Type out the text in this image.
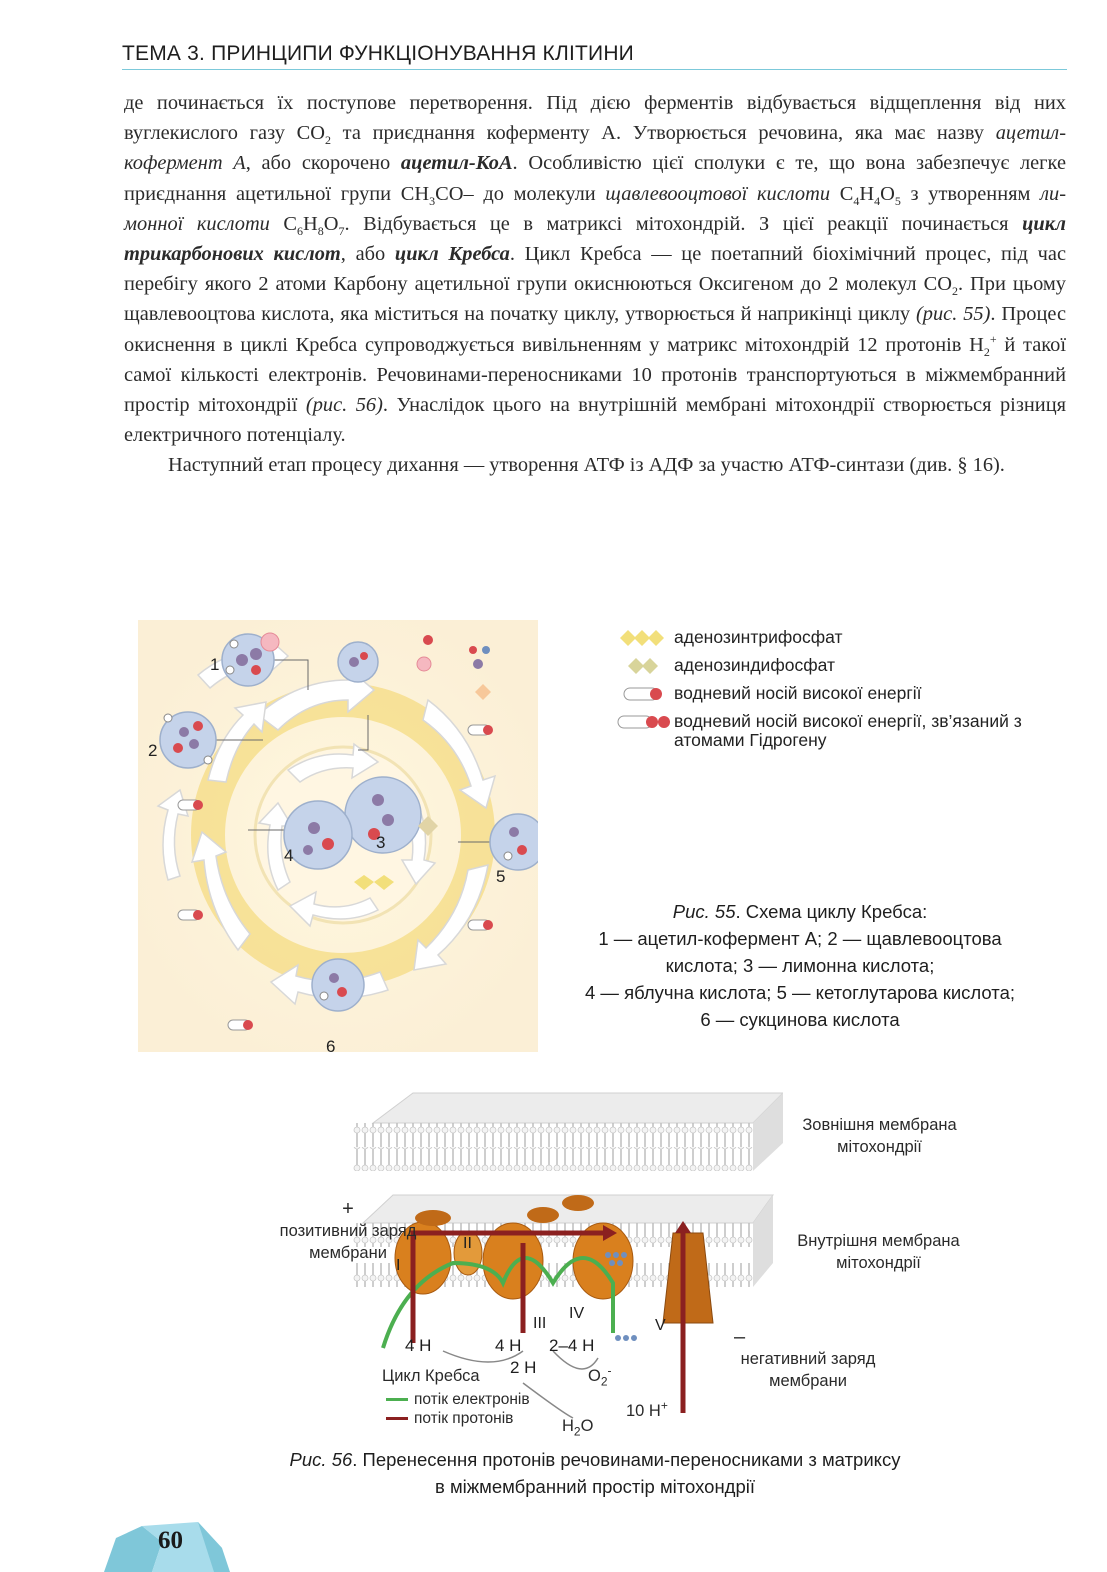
ТЕМА 3. ПРИНЦИПИ ФУНКЦІОНУВАННЯ КЛІТИНИ

де починається їх поступове перетворення. Під дією ферментів відбувається відщеплення від них вуглекислого газу $СО_2$ та приєднання коферменту А. Утворюється речовина, яка має назву ацетил-кофермент А, або скорочено ацетил-КоА. Особливістю цієї сполуки є те, що вона забезпечує легке приєднання ацетильної групи $СН_3СО-$ до молекули щавлевооцтової кислоти $С_4Н_4О_5$ з утворенням лимонної кислоти $С_6Н_8О_7$. Відбувається це в матриксі мітохондрій. З цієї реакції починається цикл трикарбонових кислот, або цикл Кребса. Цикл Кребса — це поетапний біохімічний процес, під час перебігу якого 2 атоми Карбону ацетильної групи окиснюються Оксигеном до 2 молекул $СО_2$. При цьому щавлевооцтова кислота, яка міститься на початку циклу, утворюється й наприкінці циклу (рис. 55). Процес окиснення в циклі Кребса супроводжується вивільненням у матрикс мітохондрій 12 протонів $Н_2^+$ й такої самої кількості електронів. Речовинами-переносниками 10 протонів транспортуються в міжмембранний простір мітохондрії (рис. 56). Унаслідок цього на внутрішній мембрані мітохондрії створюється різниця електричного потенціалу.

Наступний етап процесу дихання — утворення АТФ із АДФ за участю АТФ-синтази (див. § 16).

1
2
3
4
5
6
аденозинтрифосфат
аденозиндифосфат
водневий носій високої енергії
водневий носій високої енергії, зв’язаний з атомами Гідрогену
Рис. 55. Схема циклу Кребса:
1 — ацетил-кофермент А; 2 — щавлевооцтова
кислота; 3 — лимонна кислота;
4 — яблучна кислота; 5 — кетоглутарова кислота;
6 — сукцинова кислота
I
II
III
IV
V
4 Н	4 Н 2–4 Н
2 Н
Зовнішня мембрана
мітохондрії
Внутрішня мембрана
мітохондрії
+
позитивний заряд
мембрани
–
негативний заряд
мембрани
Цикл Кребса	$O_2^-$
$H_2O$
10 H+
потік електронів
потік протонів
Рис. 56. Перенесення протонів речовинами-переносниками з матриксу
в міжмембранний простір мітохондрії
60
